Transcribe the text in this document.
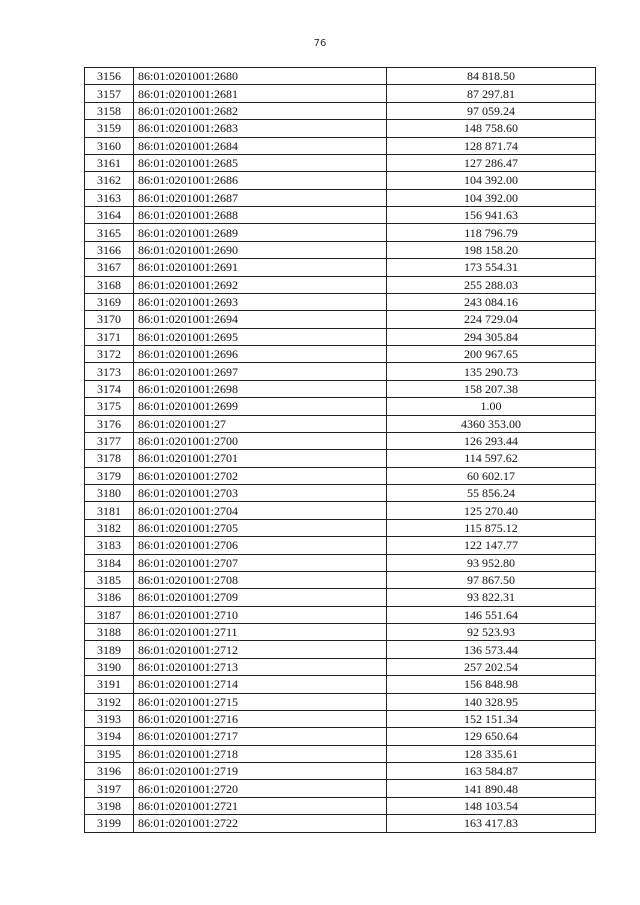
76
3156	86:01:0201001:2680	84 818.50
3157	86:01:0201001:2681	87 297.81
3158	86:01:0201001:2682	97 059.24
3159	86:01:0201001:2683	148 758.60
3160	86:01:0201001:2684	128 871.74
3161	86:01:0201001:2685	127 286.47
3162	86:01:0201001:2686	104 392.00
3163	86:01:0201001:2687	104 392.00
3164	86:01:0201001:2688	156 941.63
3165	86:01:0201001:2689	118 796.79
3166	86:01:0201001:2690	198 158.20
3167	86:01:0201001:2691	173 554.31
3168	86:01:0201001:2692	255 288.03
3169	86:01:0201001:2693	243 084.16
3170	86:01:0201001:2694	224 729.04
3171	86:01:0201001:2695	294 305.84
3172	86:01:0201001:2696	200 967.65
3173	86:01:0201001:2697	135 290.73
3174	86:01:0201001:2698	158 207.38
3175	86:01:0201001:2699	1.00
3176	86:01:0201001:27	4360 353.00
3177	86:01:0201001:2700	126 293.44
3178	86:01:0201001:2701	114 597.62
3179	86:01:0201001:2702	60 602.17
3180	86:01:0201001:2703	55 856.24
3181	86:01:0201001:2704	125 270.40
3182	86:01:0201001:2705	115 875.12
3183	86:01:0201001:2706	122 147.77
3184	86:01:0201001:2707	93 952.80
3185	86:01:0201001:2708	97 867.50
3186	86:01:0201001:2709	93 822.31
3187	86:01:0201001:2710	146 551.64
3188	86:01:0201001:2711	92 523.93
3189	86:01:0201001:2712	136 573.44
3190	86:01:0201001:2713	257 202.54
3191	86:01:0201001:2714	156 848.98
3192	86:01:0201001:2715	140 328.95
3193	86:01:0201001:2716	152 151.34
3194	86:01:0201001:2717	129 650.64
3195	86:01:0201001:2718	128 335.61
3196	86:01:0201001:2719	163 584.87
3197	86:01:0201001:2720	141 890.48
3198	86:01:0201001:2721	148 103.54
3199	86:01:0201001:2722	163 417.83
